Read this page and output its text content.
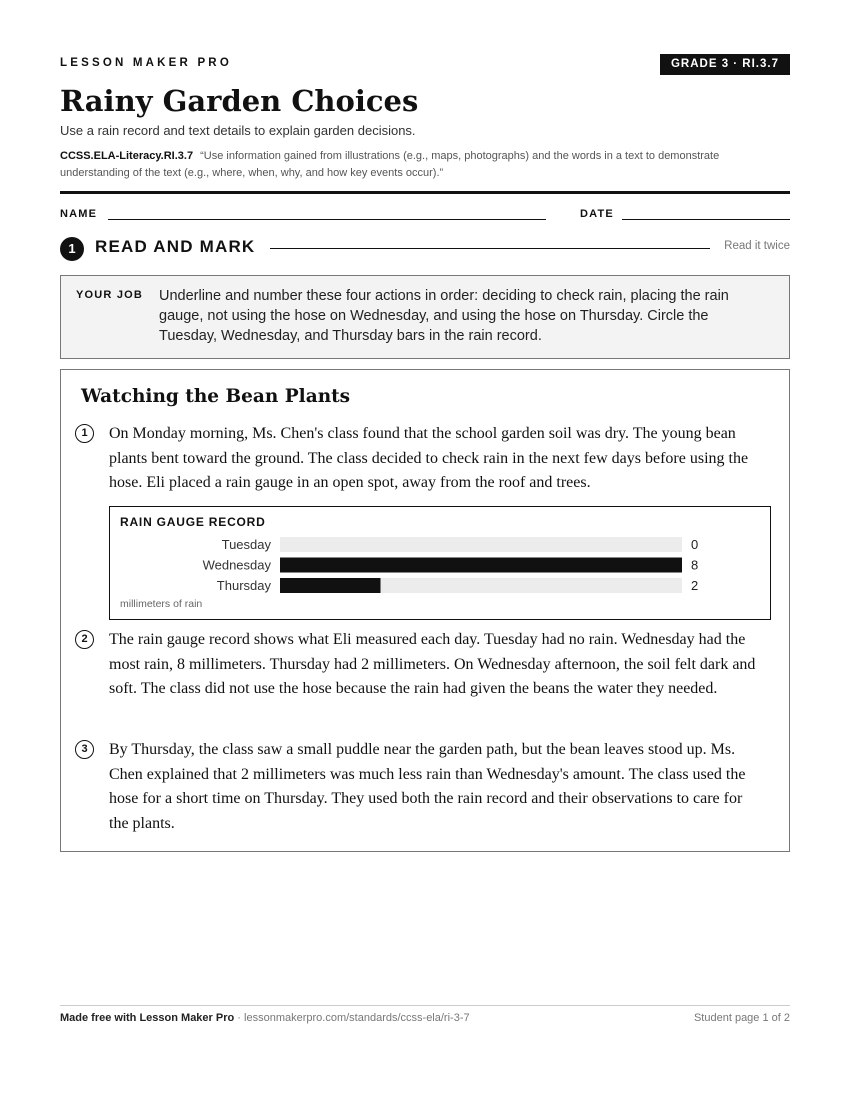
LESSON MAKER PRO	GRADE 3 · RI.3.7
Rainy Garden Choices
Use a rain record and text details to explain garden decisions.
CCSS.ELA-Literacy.RI.3.7 “Use information gained from illustrations (e.g., maps, photographs) and the words in a text to demonstrate understanding of the text (e.g., where, when, why, and how key events occur).”
NAME	DATE
1	READ AND MARK	Read it twice
YOUR JOB Underline and number these four actions in order: deciding to check rain, placing the rain gauge, not using the hose on Wednesday, and using the hose on Thursday. Circle the Tuesday, Wednesday, and Thursday bars in the rain record.
Watching the Bean Plants
1	On Monday morning, Ms. Chen's class found that the school garden soil was dry. The young bean plants bent toward the ground. The class decided to check rain in the next few days before using the hose. Eli placed a rain gauge in an open spot, away from the roof and trees.
RAIN GAUGE RECORD
Tuesday	0
Wednesday	8
Thursday	2
millimeters of rain
2	The rain gauge record shows what Eli measured each day. Tuesday had no rain. Wednesday had the most rain, 8 millimeters. Thursday had 2 millimeters. On Wednesday afternoon, the soil felt dark and soft. The class did not use the hose because the rain had given the beans the water they needed.
3	By Thursday, the class saw a small puddle near the garden path, but the bean leaves stood up. Ms. Chen explained that 2 millimeters was much less rain than Wednesday's amount. The class used the hose for a short time on Thursday. They used both the rain record and their observations to care for the plants.
Made free with Lesson Maker Pro · lessonmakerpro.com/standards/ccss-ela/ri-3-7	Student page 1 of 2
